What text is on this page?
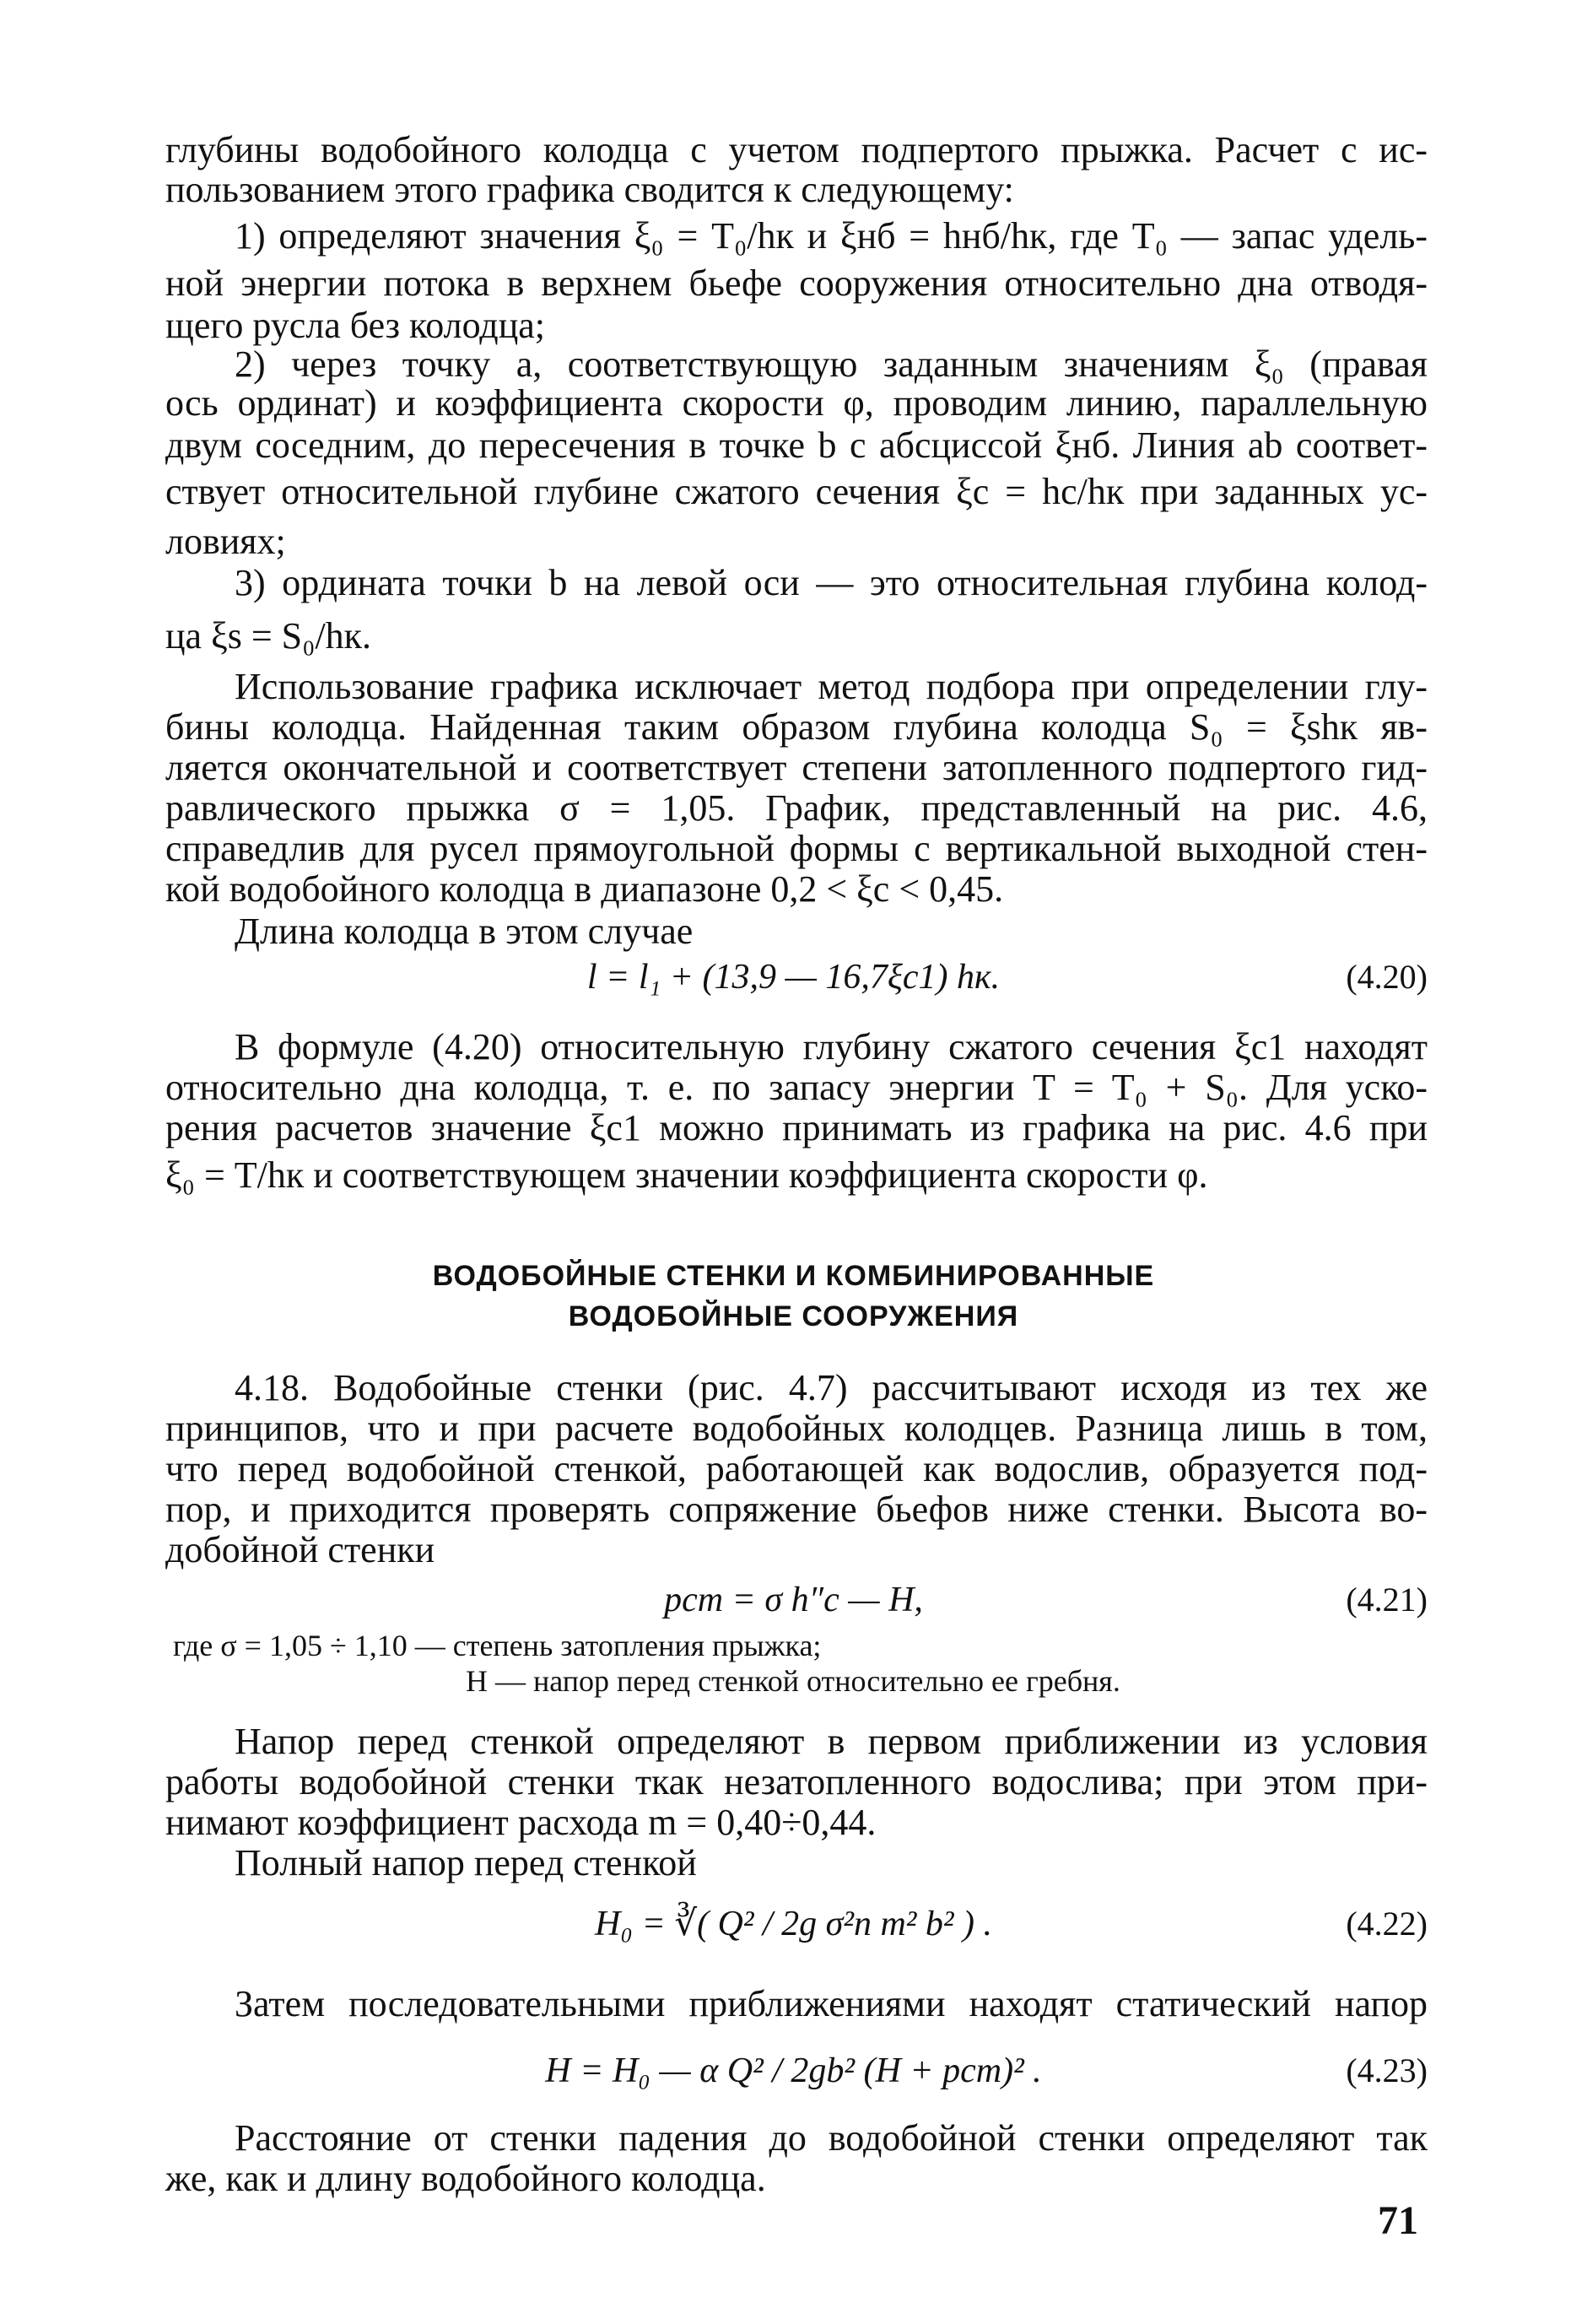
глубины водобойного колодца с учетом подпертого прыжка. Расчет с ис-
пользованием этого графика сводится к следующему:
1) определяют значения ξ₀ = T₀/hк и ξнб = hнб/hк, где T₀ — запас удель-
ной энергии потока в верхнем бьефе сооружения относительно дна отводя-
щего русла без колодца;
2) через точку a, соответствующую заданным значениям ξ₀ (правая
ось ординат) и коэффициента скорости φ, проводим линию, параллельную
двум соседним, до пересечения в точке b с абсциссой ξнб. Линия ab соответ-
ствует относительной глубине сжатого сечения ξс = hс/hк при заданных ус-
ловиях;
3) ордината точки b на левой оси — это относительная глубина колод-
ца ξs = S₀/hк.
Использование графика исключает метод подбора при определении глу-
бины колодца. Найденная таким образом глубина колодца S₀ = ξshк яв-
ляется окончательной и соответствует степени затопленного подпертого гид-
равлического прыжка σ = 1,05. График, представленный на рис. 4.6,
справедлив для русел прямоугольной формы с вертикальной выходной стен-
кой водобойного колодца в диапазоне 0,2 < ξс < 0,45.
Длина колодца в этом случае
l = l₁ + (13,9 — 16,7ξс1) hк.	(4.20)
В формуле (4.20) относительную глубину сжатого сечения ξс1 находят
относительно дна колодца, т. е. по запасу энергии T = T₀ + S₀. Для уско-
рения расчетов значение ξс1 можно принимать из графика на рис. 4.6 при
ξ₀ = T/hк и соответствующем значении коэффициента скорости φ.
ВОДОБОЙНЫЕ СТЕНКИ И КОМБИНИРОВАННЫЕ
ВОДОБОЙНЫЕ СООРУЖЕНИЯ
4.18. Водобойные стенки (рис. 4.7) рассчитывают исходя из тех же
принципов, что и при расчете водобойных колодцев. Разница лишь в том,
что перед водобойной стенкой, работающей как водослив, образуется под-
пор, и приходится проверять сопряжение бьефов ниже стенки. Высота во-
добойной стенки
pст = σ h″с — H,	(4.21)
где σ = 1,05 ÷ 1,10 — степень затопления прыжка;
H — напор перед стенкой относительно ее гребня.
Напор перед стенкой определяют в первом приближении из условия
работы водобойной стенки ткак незатопленного водослива; при этом при-
нимают коэффициент расхода m = 0,40÷0,44.
Полный напор перед стенкой
H₀ = ∛( Q² / 2g σ²п m² b² ) .	(4.22)
Затем последовательными приближениями находят статический напор
H = H₀ — α Q² / 2gb² (H + pст)² .	(4.23)
Расстояние от стенки падения до водобойной стенки определяют так
же, как и длину водобойного колодца.
71
